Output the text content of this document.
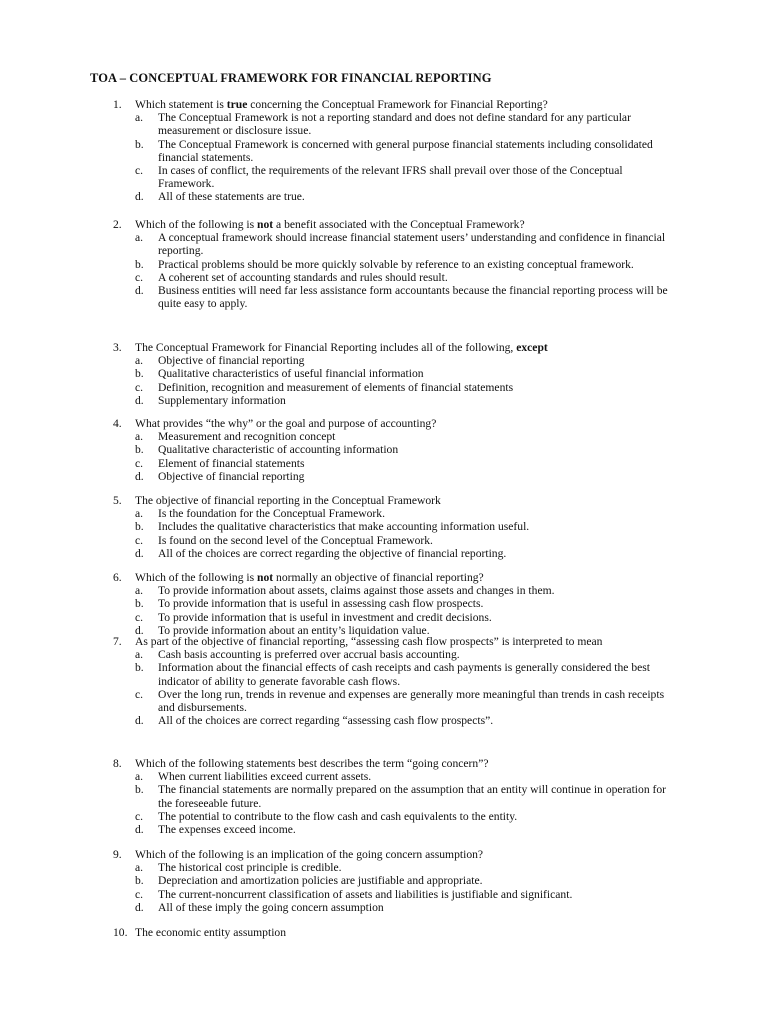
TOA – CONCEPTUAL FRAMEWORK FOR FINANCIAL REPORTING
1.	Which statement is true concerning the Conceptual Framework for Financial Reporting?
a.	The Conceptual Framework is not a reporting standard and does not define standard for any particular measurement or disclosure issue.
b.	The Conceptual Framework is concerned with general purpose financial statements including consolidated financial statements.
c.	In cases of conflict, the requirements of the relevant IFRS shall prevail over those of the Conceptual Framework.
d.	All of these statements are true.
2.	Which of the following is not a benefit associated with the Conceptual Framework?
a.	A conceptual framework should increase financial statement users’ understanding and confidence in financial reporting.
b.	Practical problems should be more quickly solvable by reference to an existing conceptual framework.
c.	A coherent set of accounting standards and rules should result.
d.	Business entities will need far less assistance form accountants because the financial reporting process will be quite easy to apply.
3.	The Conceptual Framework for Financial Reporting includes all of the following, except
a.	Objective of financial reporting
b.	Qualitative characteristics of useful financial information
c.	Definition, recognition and measurement of elements of financial statements
d.	Supplementary information
4.	What provides “the why” or the goal and purpose of accounting?
a.	Measurement and recognition concept
b.	Qualitative characteristic of accounting information
c.	Element of financial statements
d.	Objective of financial reporting
5.	The objective of financial reporting in the Conceptual Framework
a.	Is the foundation for the Conceptual Framework.
b.	Includes the qualitative characteristics that make accounting information useful.
c.	Is found on the second level of the Conceptual Framework.
d.	All of the choices are correct regarding the objective of financial reporting.
6.	Which of the following is not normally an objective of financial reporting?
a.	To provide information about assets, claims against those assets and changes in them.
b.	To provide information that is useful in assessing cash flow prospects.
c.	To provide information that is useful in investment and credit decisions.
d.	To provide information about an entity’s liquidation value.
7.	As part of the objective of financial reporting, “assessing cash flow prospects” is interpreted to mean
a.	Cash basis accounting is preferred over accrual basis accounting.
b.	Information about the financial effects of cash receipts and cash payments is generally considered the best indicator of ability to generate favorable cash flows.
c.	Over the long run, trends in revenue and expenses are generally more meaningful than trends in cash receipts and disbursements.
d.	All of the choices are correct regarding “assessing cash flow prospects”.
8.	Which of the following statements best describes the term “going concern”?
a.	When current liabilities exceed current assets.
b.	The financial statements are normally prepared on the assumption that an entity will continue in operation for the foreseeable future.
c.	The potential to contribute to the flow cash and cash equivalents to the entity.
d.	The expenses exceed income.
9.	Which of the following is an implication of the going concern assumption?
a.	The historical cost principle is credible.
b.	Depreciation and amortization policies are justifiable and appropriate.
c.	The current-noncurrent classification of assets and liabilities is justifiable and significant.
d.	All of these imply the going concern assumption
10. The economic entity assumption
